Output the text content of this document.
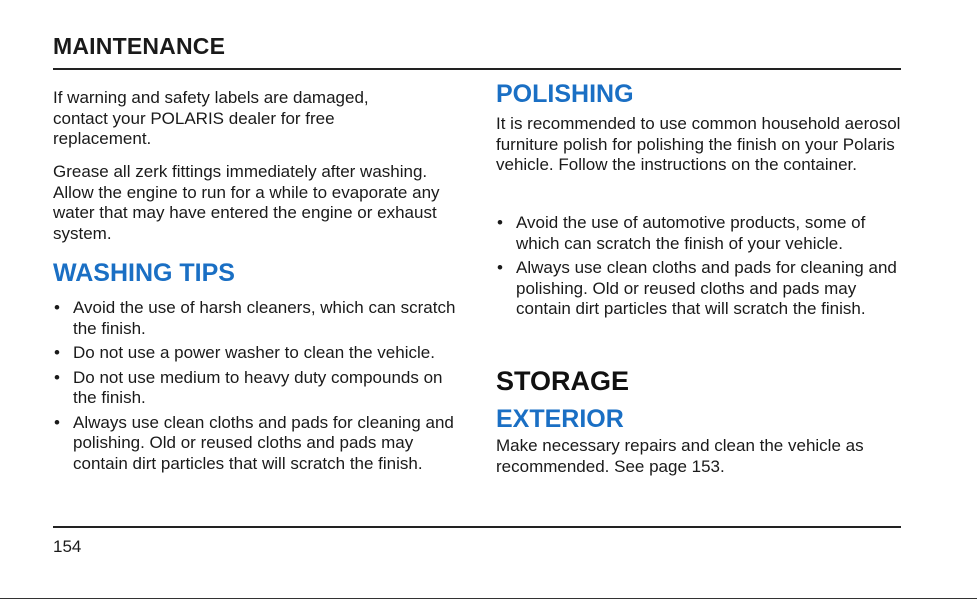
MAINTENANCE

If warning and safety labels are damaged, contact your POLARIS dealer for free replacement.

Grease all zerk fittings immediately after washing. Allow the engine to run for a while to evaporate any water that may have entered the engine or exhaust system.

WASHING TIPS
• Avoid the use of harsh cleaners, which can scratch the finish.
• Do not use a power washer to clean the vehicle.
• Do not use medium to heavy duty compounds on the finish.
• Always use clean cloths and pads for cleaning and polishing. Old or reused cloths and pads may contain dirt particles that will scratch the finish.
POLISHING

It is recommended to use common household aerosol furniture polish for polishing the finish on your Polaris vehicle. Follow the instructions on the container.

• Avoid the use of automotive products, some of which can scratch the finish of your vehicle.
• Always use clean cloths and pads for cleaning and polishing. Old or reused cloths and pads may contain dirt particles that will scratch the finish.
STORAGE
EXTERIOR

Make necessary repairs and clean the vehicle as recommended. See page 153.

154
